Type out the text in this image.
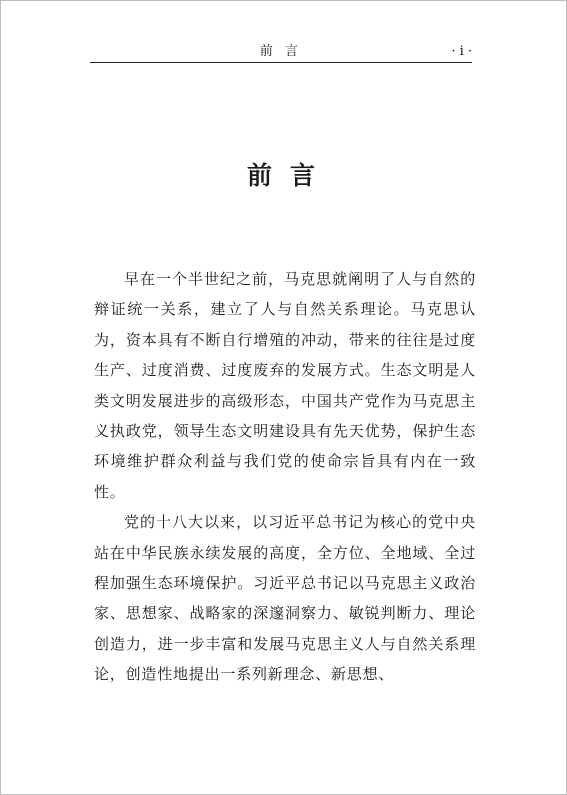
前 言	· i ·
前言

早在一个半世纪之前，马克思就阐明了人与自然的辩证统一关系，建立了人与自然关系理论。马克思认为，资本具有不断自行增殖的冲动，带来的往往是过度生产、过度消费、过度废弃的发展方式。生态文明是人类文明发展进步的高级形态，中国共产党作为马克思主义执政党，领导生态文明建设具有先天优势，保护生态环境维护群众利益与我们党的使命宗旨具有内在一致性。

党的十八大以来，以习近平总书记为核心的党中央站在中华民族永续发展的高度，全方位、全地域、全过程加强生态环境保护。习近平总书记以马克思主义政治家、思想家、战略家的深邃洞察力、敏锐判断力、理论创造力，进一步丰富和发展马克思主义人与自然关系理论，创造性地提出一系列新理念、新思想、
